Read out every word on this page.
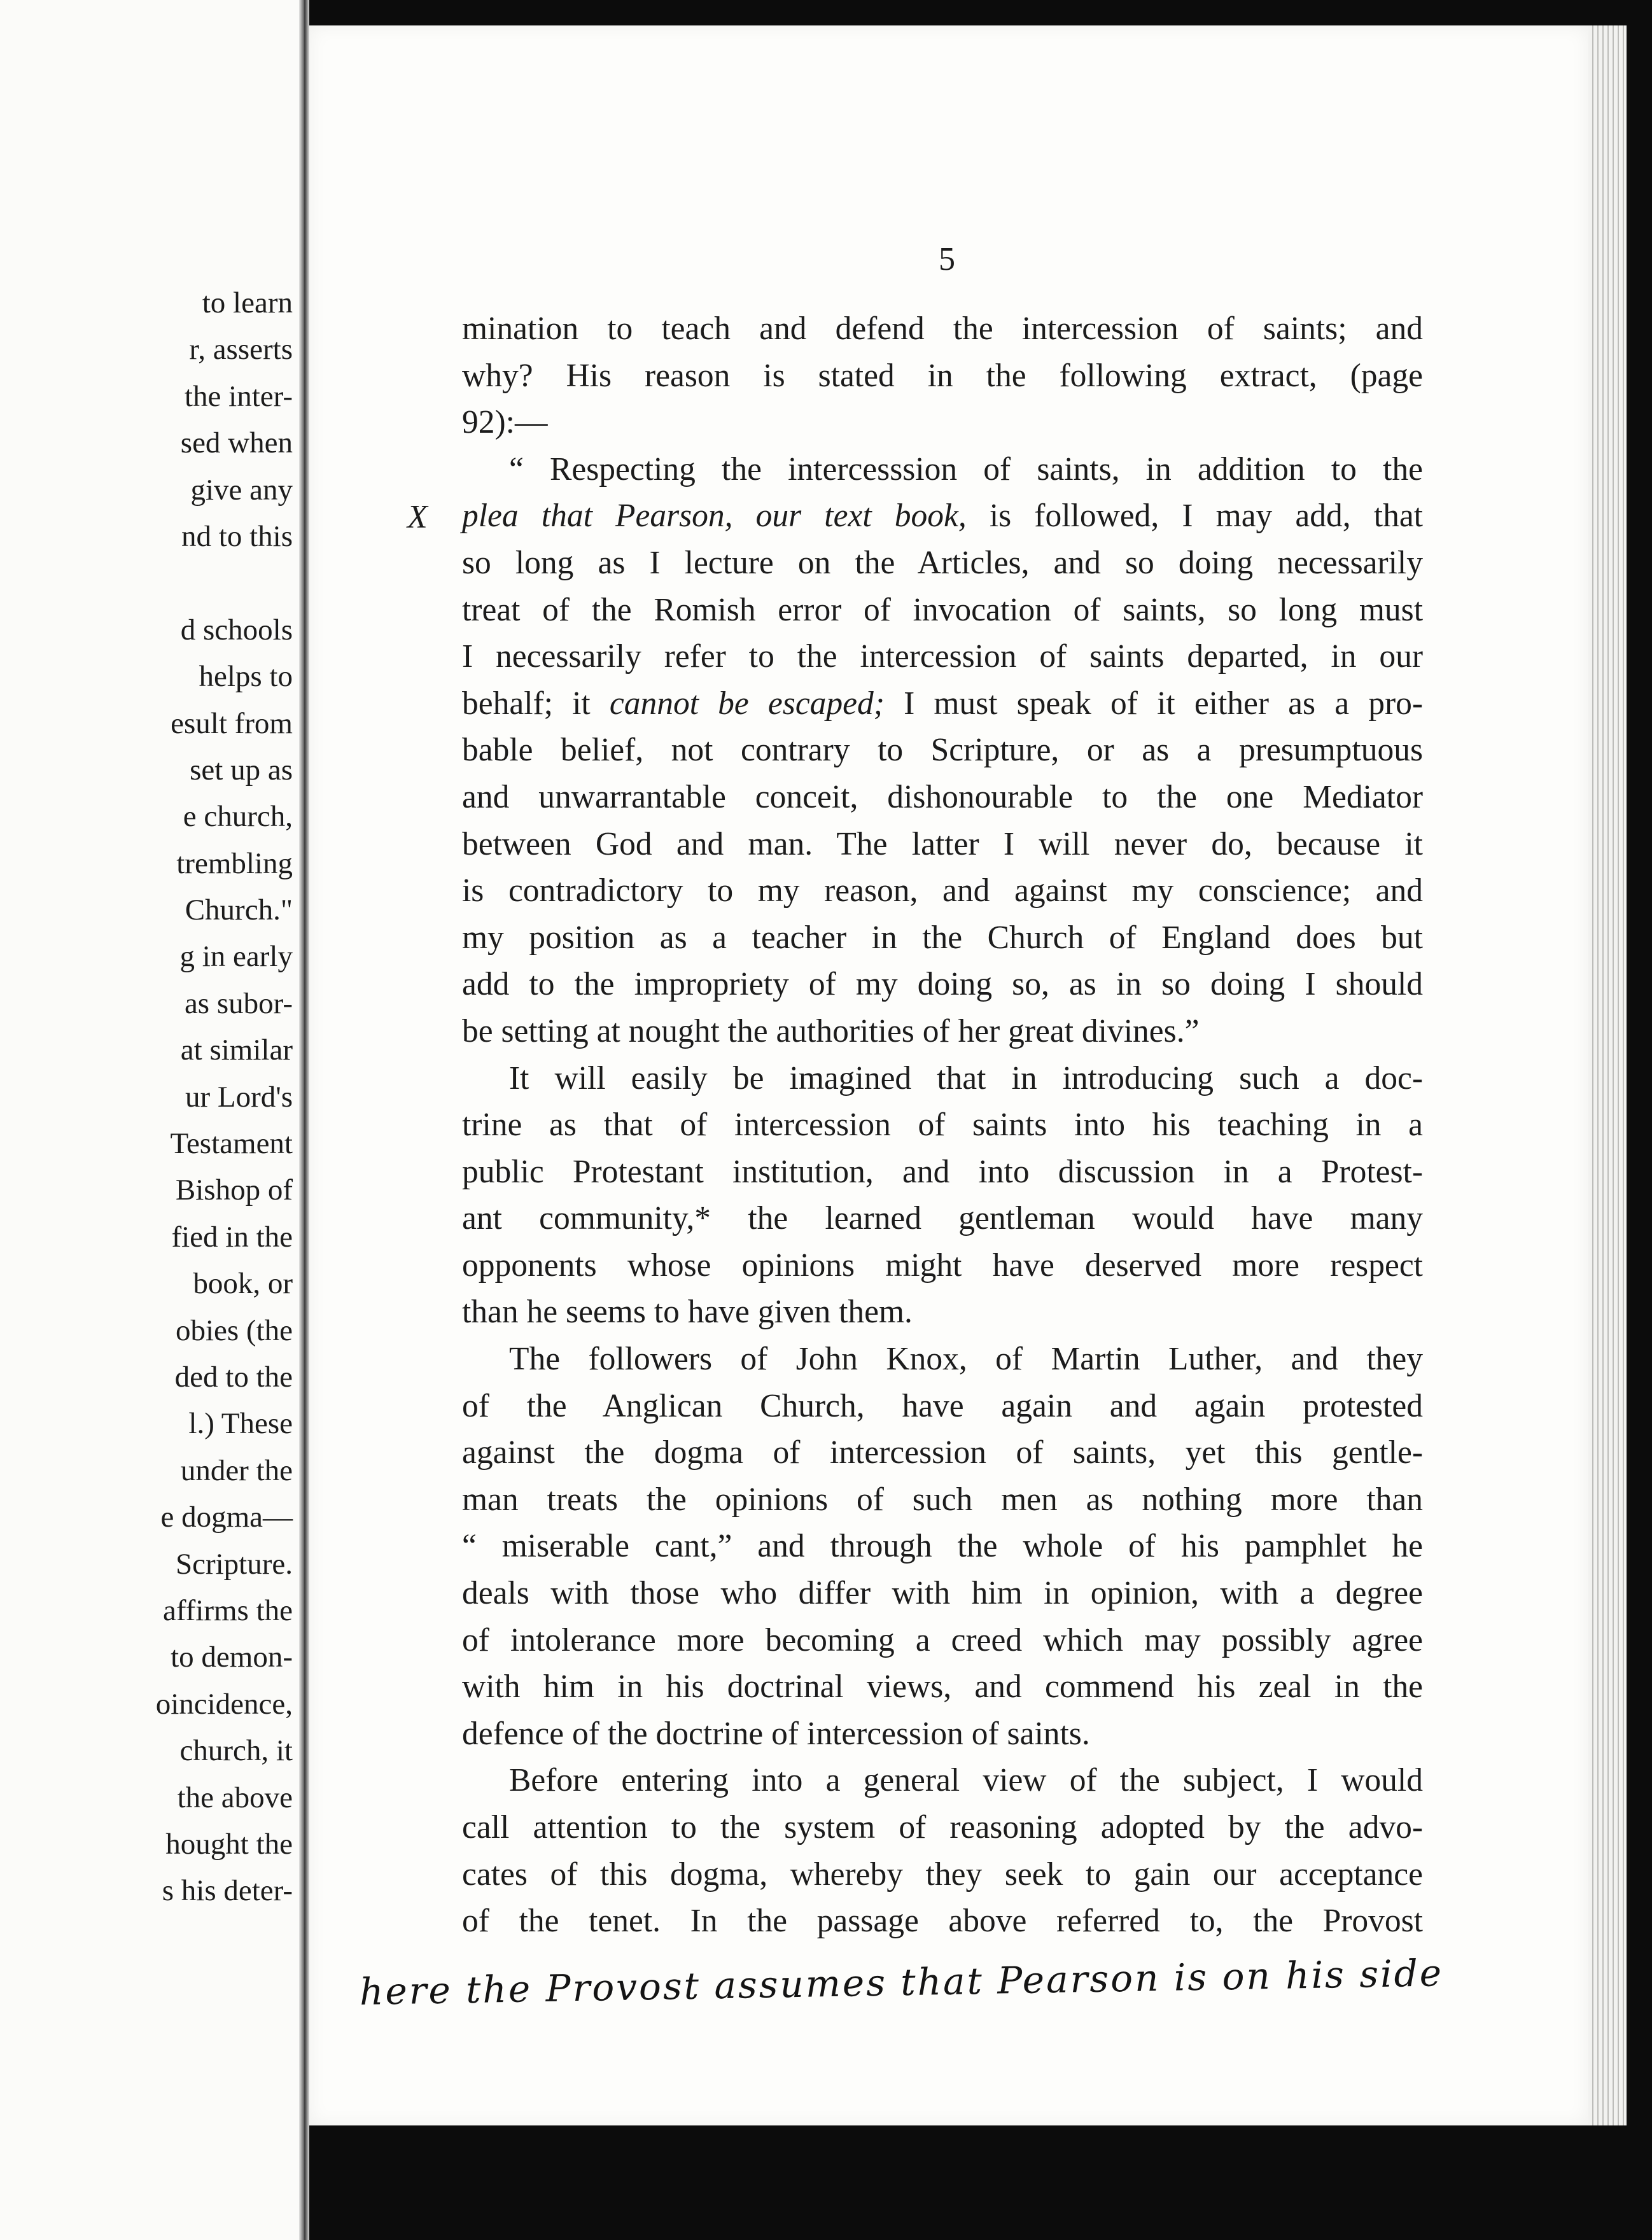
to learn
r, asserts
the inter-
sed when
give any
nd to this
d schools
helps to
esult from
set up as
e church,
trembling
Church."
g in early
as subor-
at similar
ur Lord's
Testament
Bishop of
fied in the
book, or
obies (the
ded to the
l.) These
under the
e dogma—
Scripture.
affirms the
to demon-
oincidence,
church, it
the above
hought the
s his deter-
5
X
mination to teach and defend the intercession of saints; and
why? His reason is stated in the following extract, (page
92):—
“ Respecting the intercesssion of saints, in addition to the
plea that Pearson, our text book, is followed, I may add, that
so long as I lecture on the Articles, and so doing necessarily
treat of the Romish error of invocation of saints, so long must
I necessarily refer to the intercession of saints departed, in our
behalf; it cannot be escaped; I must speak of it either as a pro-
bable belief, not contrary to Scripture, or as a presumptuous
and unwarrantable conceit, dishonourable to the one Mediator
between God and man. The latter I will never do, because it
is contradictory to my reason, and against my conscience; and
my position as a teacher in the Church of England does but
add to the impropriety of my doing so, as in so doing I should
be setting at nought the authorities of her great divines.”
It will easily be imagined that in introducing such a doc-
trine as that of intercession of saints into his teaching in a
public Protestant institution, and into discussion in a Protest-
ant community,* the learned gentleman would have many
opponents whose opinions might have deserved more respect
than he seems to have given them.
The followers of John Knox, of Martin Luther, and they
of the Anglican Church, have again and again protested
against the dogma of intercession of saints, yet this gentle-
man treats the opinions of such men as nothing more than
“ miserable cant,” and through the whole of his pamphlet he
deals with those who differ with him in opinion, with a degree
of intolerance more becoming a creed which may possibly agree
with him in his doctrinal views, and commend his zeal in the
defence of the doctrine of intercession of saints.
Before entering into a general view of the subject, I would
call attention to the system of reasoning adopted by the advo-
cates of this dogma, whereby they seek to gain our acceptance
of the tenet. In the passage above referred to, the Provost
here the Provost assumes that Pearson is on his side
